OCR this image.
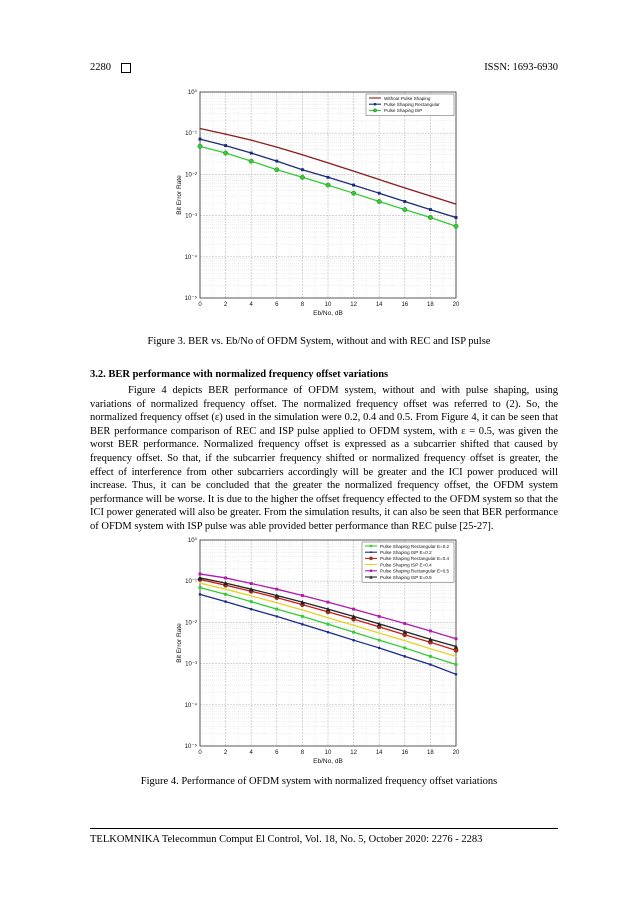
2280	ISSN: 1693-6930
0	2	4	6	8	10	12	14	16	18	20
10⁰
10⁻¹
10⁻²
10⁻³
10⁻⁴
10⁻⁵
Eb/No, dB
Bit Error Rate
Without Pulse Shaping
Pulse Shaping Rectangular
Pulse Shaping ISP
Figure 3. BER vs. Eb/No of OFDM System, without and with REC and ISP pulse
3.2. BER performance with normalized frequency offset variations

Figure 4 depicts BER performance of OFDM system, without and with pulse shaping, using variations of normalized frequency offset. The normalized frequency offset was referred to (2). So, the normalized frequency offset (ε) used in the simulation were 0.2, 0.4 and 0.5. From Figure 4, it can be seen that BER performance comparison of REC and ISP pulse applied to OFDM system, with ε = 0.5, was given the worst BER performance. Normalized frequency offset is expressed as a subcarrier shifted that caused by frequency offset. So that, if the subcarrier frequency shifted or normalized frequency offset is greater, the effect of interference from other subcarriers accordingly will be greater and the ICI power produced will increase. Thus, it can be concluded that the greater the normalized frequency offset, the OFDM system performance will be worse. It is due to the higher the offset frequency effected to the OFDM system so that the ICI power generated will also be greater. From the simulation results, it can also be seen that BER performance of OFDM system with ISP pulse was able provided better performance than REC pulse [25-27].

0	2	4	6	8	10	12	14	16	18	20
10⁰
10⁻¹
10⁻²
10⁻³
10⁻⁴
10⁻⁵
Eb/No, dB
Bit Error Rate
Pulse Shaping Rectangular E=0.2
Pulse Shaping ISP E=0.2
Pulse Shaping Rectangular E=0.4
Pulse Shaping ISP E=0.4
Pulse Shaping Rectangular E=0.5
Pulse Shaping ISP E=0.5
Figure 4. Performance of OFDM system with normalized frequency offset variations
TELKOMNIKA Telecommun Comput El Control, Vol. 18, No. 5, October 2020: 2276 - 2283
